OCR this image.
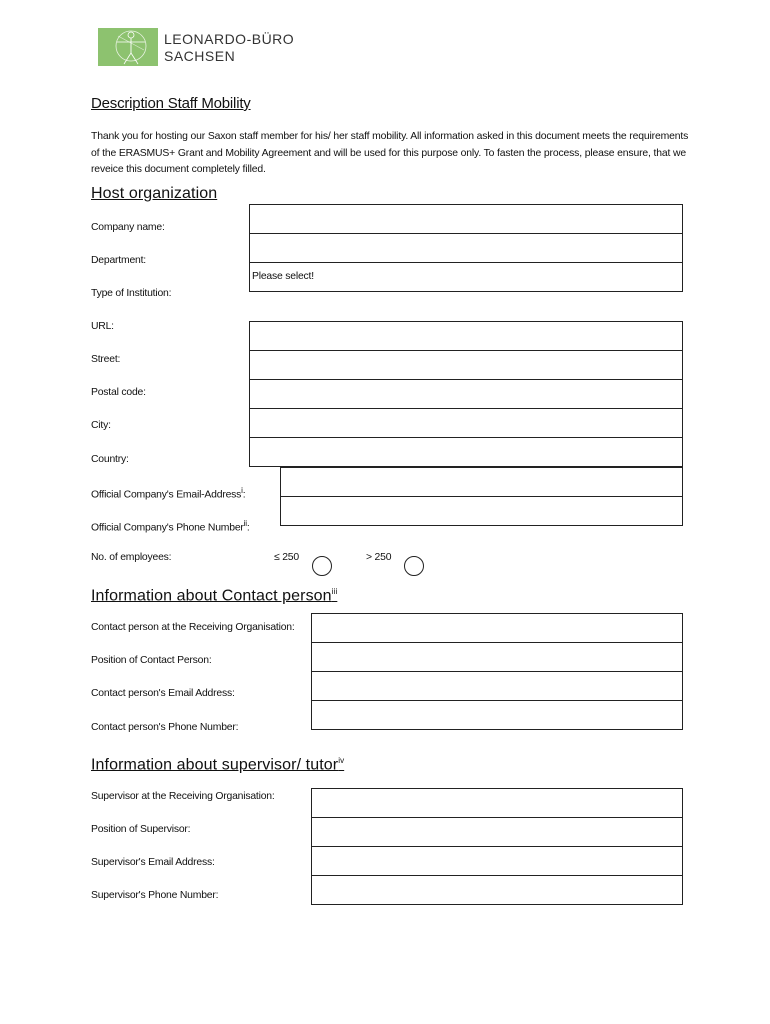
LEONARDO-BÜRO
SACHSEN
Description Staff Mobility
Thank you for hosting our Saxon staff member for his/ her staff mobility. All information asked in this document meets the requirements of the ERASMUS+ Grant and Mobility Agreement and will be used for this purpose only. To fasten the process, please ensure, that we reveice this document completely filled.
Host organization
Company name:
Department:
Type of Institution:
URL:
Street:
Postal code:
City:
Country:
Official Company's Email-Address$^i$:
Official Company's Phone Number$^{ii}$:
No. of employees:
Please select!
≤ 250	> 250
Information about Contact person$^{iii}$
Contact person at the Receiving Organisation:
Position of Contact Person:
Contact person's Email Address:
Contact person's Phone Number:
Information about supervisor/ tutor$^{iv}$
Supervisor at the Receiving Organisation:
Position of Supervisor:
Supervisor's Email Address:
Supervisor's Phone Number:
